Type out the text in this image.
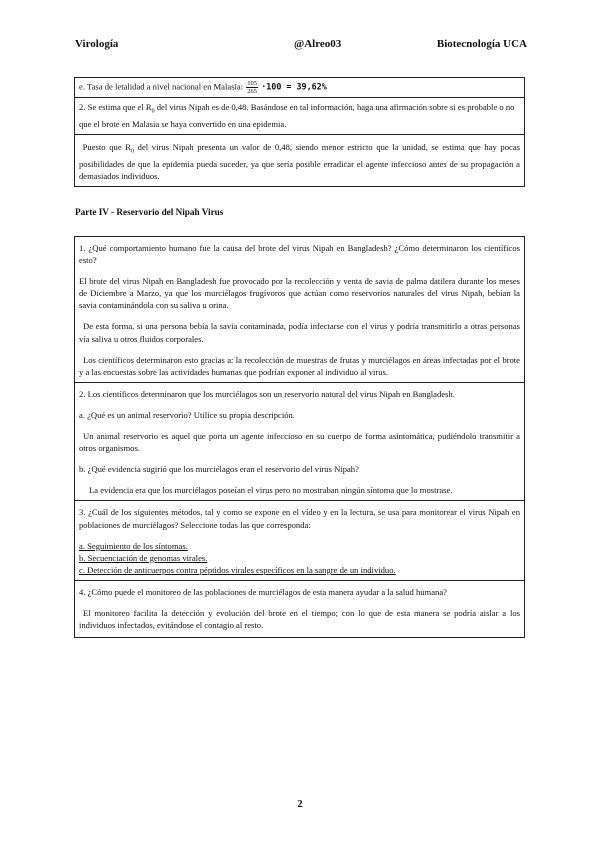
Virología	@Alreo03	Biotecnología UCA
e. Tasa de letalidad a nivel nacional en Malasia: $\frac{105}{265} \cdot 100 = 39,62\%$
2. Se estima que el $R_0$ del virus Nipah es de 0,48. Basándose en tal información, haga una afirmación sobre si es probable o no que el brote en Malasia se haya convertido en una epidemia.
Puesto que $R_0$ del virus Nipah presenta un valor de 0,48, siendo menor estricto que la unidad, se estima que hay pocas posibilidades de que la epidemia pueda suceder, ya que sería posible erradicar el agente infeccioso antes de su propagación a demasiados individuos.
Parte IV - Reservorio del Nipah Virus

1. ¿Qué comportamiento humano fue la causa del brote del virus Nipah en Bangladesh? ¿Cómo determinaron los científicos esto?

El brote del virus Nipah en Bangladesh fue provocado por la recolección y venta de savia de palma datilera durante los meses de Diciembre a Marzo, ya que los murciélagos frugívoros que actúan como reservorios naturales del virus Nipah, bebían la savia contaminándola con su saliva u orina.

De esta forma, si una persona bebía la savia contaminada, podía infectarse con el virus y podría transmitirlo a otras personas vía saliva u otros fluidos corporales.

Los científicos determinaron esto gracias a: la recolección de muestras de frutas y murciélagos en áreas infectadas por el brote y a las encuestas sobre las actividades humanas que podrían exponer al individuo al virus.

2. Los científicos determinaron que los murciélagos son un reservorio natural del virus Nipah en Bangladesh.

a. ¿Qué es un animal reservorio? Utilice su propia descripción.

Un animal reservorio es aquel que porta un agente infeccioso en su cuerpo de forma asintomática, pudiéndolo transmitir a otros organismos.

b. ¿Qué evidencia sugirió que los murciélagos eran el reservorio del virus Nipah?

La evidencia era que los murciélagos poseían el virus pero no mostraban ningún síntoma que lo mostrase.

3. ¿Cuál de los siguientes métodos, tal y como se expone en el vídeo y en la lectura, se usa para monitorear el virus Nipah en poblaciones de murciélagos? Seleccione todas las que corresponda:

a. Seguimiento de los síntomas.

b. Secuenciación de genomas virales.

c. Detección de anticuerpos contra péptidos virales específicos en la sangre de un individuo.

4. ¿Cómo puede el monitoreo de las poblaciones de murciélagos de esta manera ayudar a la salud humana?

El monitoreo facilita la detección y evolución del brote en el tiempo; con lo que de esta manera se podría aislar a los individuos infectados, evitándose el contagio al resto.

2
